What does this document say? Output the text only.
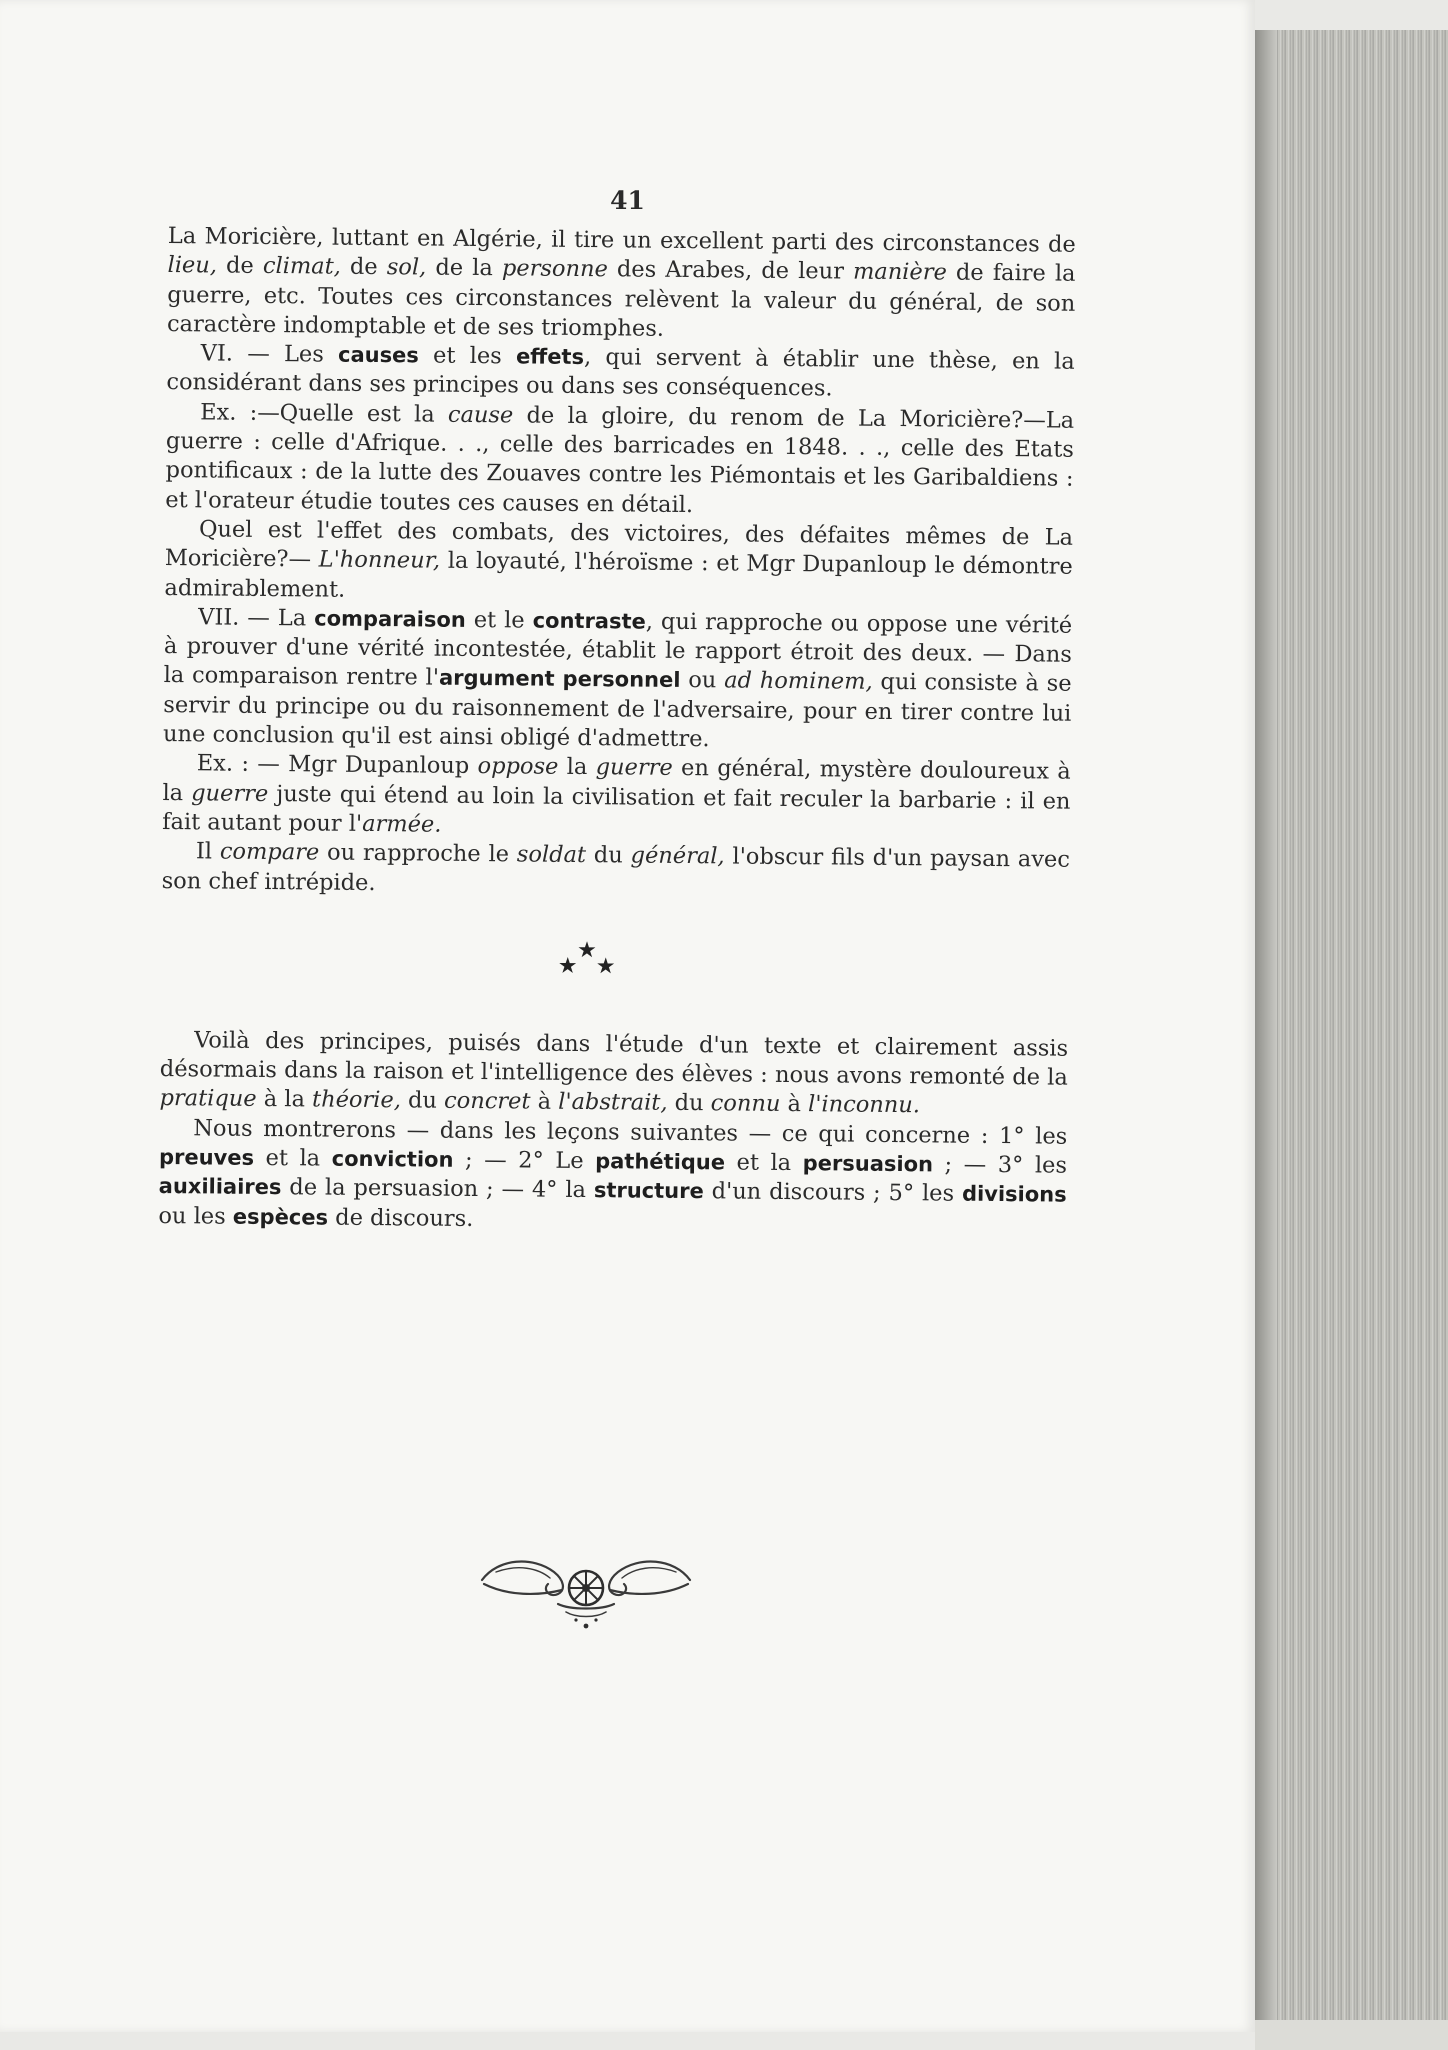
41

La Moricière, luttant en Algérie, il tire un excellent parti des circonstances de lieu, de climat, de sol, de la personne des Arabes, de leur manière de faire la guerre, etc. Toutes ces circonstances relèvent la valeur du général, de son caractère indomptable et de ses triomphes.

VI. — Les causes et les effets, qui servent à établir une thèse, en la considérant dans ses principes ou dans ses conséquences.

Ex. :—Quelle est la cause de la gloire, du renom de La Moricière?—La guerre : celle d'Afrique. . ., celle des barricades en 1848. . ., celle des Etats pontificaux : de la lutte des Zouaves contre les Piémontais et les Garibaldiens : et l'orateur étudie toutes ces causes en détail.

Quel est l'effet des combats, des victoires, des défaites mêmes de La Moricière?— L'honneur, la loyauté, l'héroïsme : et Mgr Dupanloup le démontre admirablement.

VII. — La comparaison et le contraste, qui rapproche ou oppose une vérité à prouver d'une vérité incontestée, établit le rapport étroit des deux. — Dans la comparaison rentre l'argument personnel ou ad hominem, qui consiste à se servir du principe ou du raisonnement de l'adversaire, pour en tirer contre lui une conclusion qu'il est ainsi obligé d'admettre.

Ex. : — Mgr Dupanloup oppose la guerre en général, mystère douloureux à la guerre juste qui étend au loin la civilisation et fait reculer la barbarie : il en fait autant pour l'armée.

Il compare ou rapproche le soldat du général, l'obscur fils d'un paysan avec son chef intrépide.

★
★
★

Voilà des principes, puisés dans l'étude d'un texte et clairement assis désormais dans la raison et l'intelligence des élèves : nous avons remonté de la pratique à la théorie, du concret à l'abstrait, du connu à l'inconnu.

Nous montrerons — dans les leçons suivantes — ce qui concerne : 1° les preuves et la conviction ; — 2° Le pathétique et la persuasion ; — 3° les auxiliaires de la persuasion ; — 4° la structure d'un discours ; 5° les divisions ou les espèces de discours.
